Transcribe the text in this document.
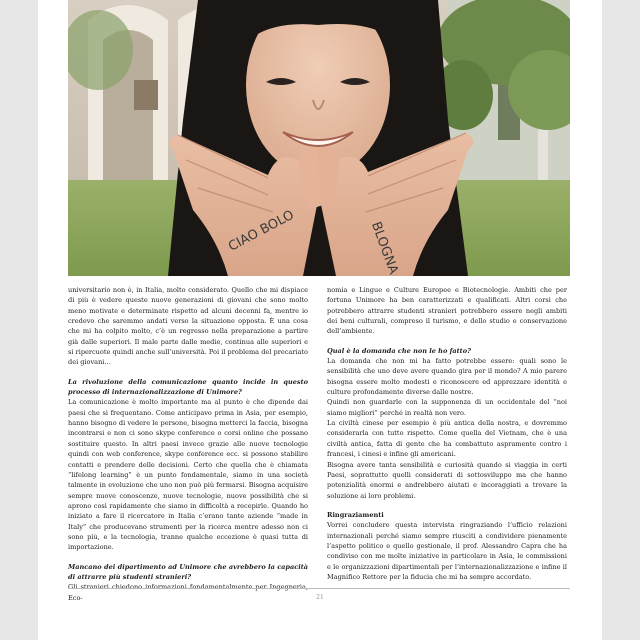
CIAO BOLO	BLOGNA

universitario non è, in Italia, molto considerato. Quello che mi dispiace di più è vedere queste nuove generazioni di giovani che sono molto meno motivate e determinate rispetto ad alcuni decenni fa, mentre io credevo che saremmo andati verso la situazione opposta. È una cosa che mi ha colpito molto, c’è un regresso nella preparazione a partire già dalle superiori. Il male parte dalle medie, continua alle superiori e si ripercuote quindi anche sull’università. Poi il problema del precariato dei giovani…

La rivoluzione della comunicazione quanto incide in questo processo di internazionalizzazione di Unimore?

La comunicazione è molto importante ma al punto è che dipende dai paesi che si frequentano. Come anticipavo prima in Asia, per esempio, hanno bisogno di vedere le persone, bisogna metterci la faccia, bisogna incontrarsi e non ci sono skype conference o corsi online che possano sostituire questo. In altri paesi invece grazie alle nuove tecnologie quindi con web conference, skype conference ecc. si possono stabilire contatti e prendere delle decisioni. Certo che quella che è chiamata “lifelong learning” è un punto fondamentale, siamo in una società talmente in evoluzione che uno non può più fermarsi. Bisogna acquisire sempre nuove conoscenze, nuove tecnologie, nuove possibilità che si aprono così rapidamente che siamo in difficoltà a recepirle. Quando ho iniziato a fare il ricercatore in Italia c’erano tante aziende “made in Italy” che producevano strumenti per la ricerca mentre adesso non ci sono più, e la tecnologia, tranne qualche eccezione è quasi tutta di importazione.

Mancano dei dipartimento ad Unimore che avrebbero la capacità di attrarre più studenti stranieri?

Gli stranieri chiedono informazioni fondamentalmente per Ingegneria, Eco-

nomia e Lingue e Culture Europee e Biotecnologie. Ambiti che per fortuna Unimore ha ben caratterizzati e qualificati. Altri corsi che potrebbero attrarre studenti stranieri potrebbero essere negli ambiti dei beni culturali, compreso il turismo, e dello studio e conservazione dell’ambiente.

Qual è la domanda che non le ho fatto?

La domanda che non mi ha fatto potrebbe essere: quali sono le sensibilità che uno deve avere quando gira per il mondo? A mio parere bisogna essere molto modesti e riconoscere ed apprezzare identità e culture profondamente diverse dalle nostre.

Quindi non guardarle con la supponenza di un occidentale del “noi siamo migliori” perché in realtà non vero.

La civiltà cinese per esempio è più antica della nostra, e dovremmo considerarla con tutto rispetto. Come quella del Vietnam, che è una civiltà antica, fatta di gente che ha combattuto aspramente contro i francesi, i cinesi e infine gli americani.

Bisogna avere tanta sensibilità e curiosità quando si viaggia in certi Paesi, soprattutto quelli considerati di sottosviluppo ma che hanno potenzialità enormi e andrebbero aiutati e incoraggiati a trovare la soluzione ai loro problemi.

Ringraziamenti

Vorrei concludere questa intervista ringraziando l’ufficio relazioni internazionali perché siamo sempre riusciti a condividere pienamente l’aspetto politico e quello gestionale, il prof. Alessandro Capra che ha condiviso con me molte iniziative in particolare in Asia, le commissioni e le organizzazioni dipartimentali per l’internazionalizzazione e infine il Magnifico Rettore per la fiducia che mi ha sempre accordato.

21
